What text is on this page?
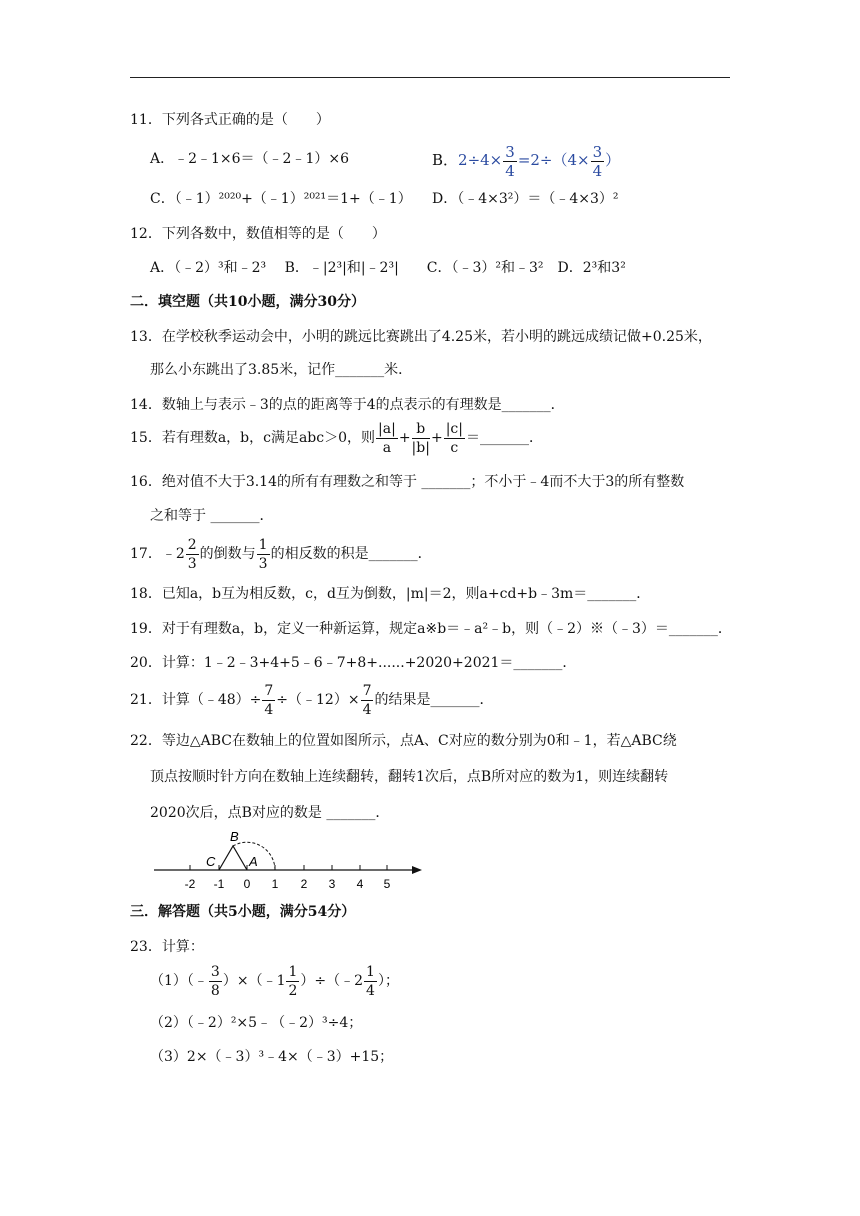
11．下列各式正确的是（　　）
A．﹣2﹣1×6＝（﹣2﹣1）×6	B．$2\div 4\times \frac{3}{4} =2\div(4\times \frac{3}{4}$ ）
C．（﹣1）²⁰²⁰+（﹣1）²⁰²¹＝1+（﹣1） D．（﹣4×3²）＝（﹣4×3）²
12．下列各数中，数值相等的是（　　）
A．（﹣2）³和﹣2³　 B．﹣|2³|和|﹣2³|　　C．（﹣3）²和﹣3²　D．2³和3²
二．填空题（共10小题，满分30分）
13．在学校秋季运动会中，小明的跳远比赛跳出了4.25米，若小明的跳远成绩记做+0.25米，
那么小东跳出了3.85米，记作_______米．
14．数轴上与表示﹣3的点的距离等于4的点表示的有理数是_______．
15．若有理数a，b，c满足abc＞0，则 $\frac{|a|}{a} + \frac{b}{|b|} + \frac{|c|}{c}$ ＝_______．
16．绝对值不大于3.14的所有有理数之和等于 _______；不小于﹣4而不大于3的所有整数
之和等于 _______．
17．﹣2 $\frac{2}{3}$ 的倒数与 $\frac{1}{3}$ 的相反数的积是_______．
18．已知a，b互为相反数，c，d互为倒数，|m|＝2，则a+cd+b﹣3m＝_______．
19．对于有理数a，b，定义一种新运算，规定a※b＝﹣a²﹣b，则（﹣2）※（﹣3）＝_______．
20．计算：1﹣2﹣3+4+5﹣6﹣7+8+......+2020+2021＝_______．
21．计算（﹣48）÷ $\frac{7}{4}$ ÷（﹣12）× $\frac{7}{4}$ 的结果是_______．
22．等边△ABC在数轴上的位置如图所示，点A、C对应的数分别为0和﹣1，若△ABC绕
顶点按顺时针方向在数轴上连续翻转，翻转1次后，点B所对应的数为1，则连续翻转
2020次后，点B对应的数是 _______．
-2 -1 0 1 2 3 4 5
B
C	A
三．解答题（共5小题，满分54分）
23．计算：
（1）（﹣ $\frac{3}{8}$ ）×（﹣1 $\frac{1}{2}$ ）÷（﹣2 $\frac{1}{4}$ ）；
（2）（﹣2）²×5﹣（﹣2）³÷4；
（3）2×（﹣3）³﹣4×（﹣3）+15；
